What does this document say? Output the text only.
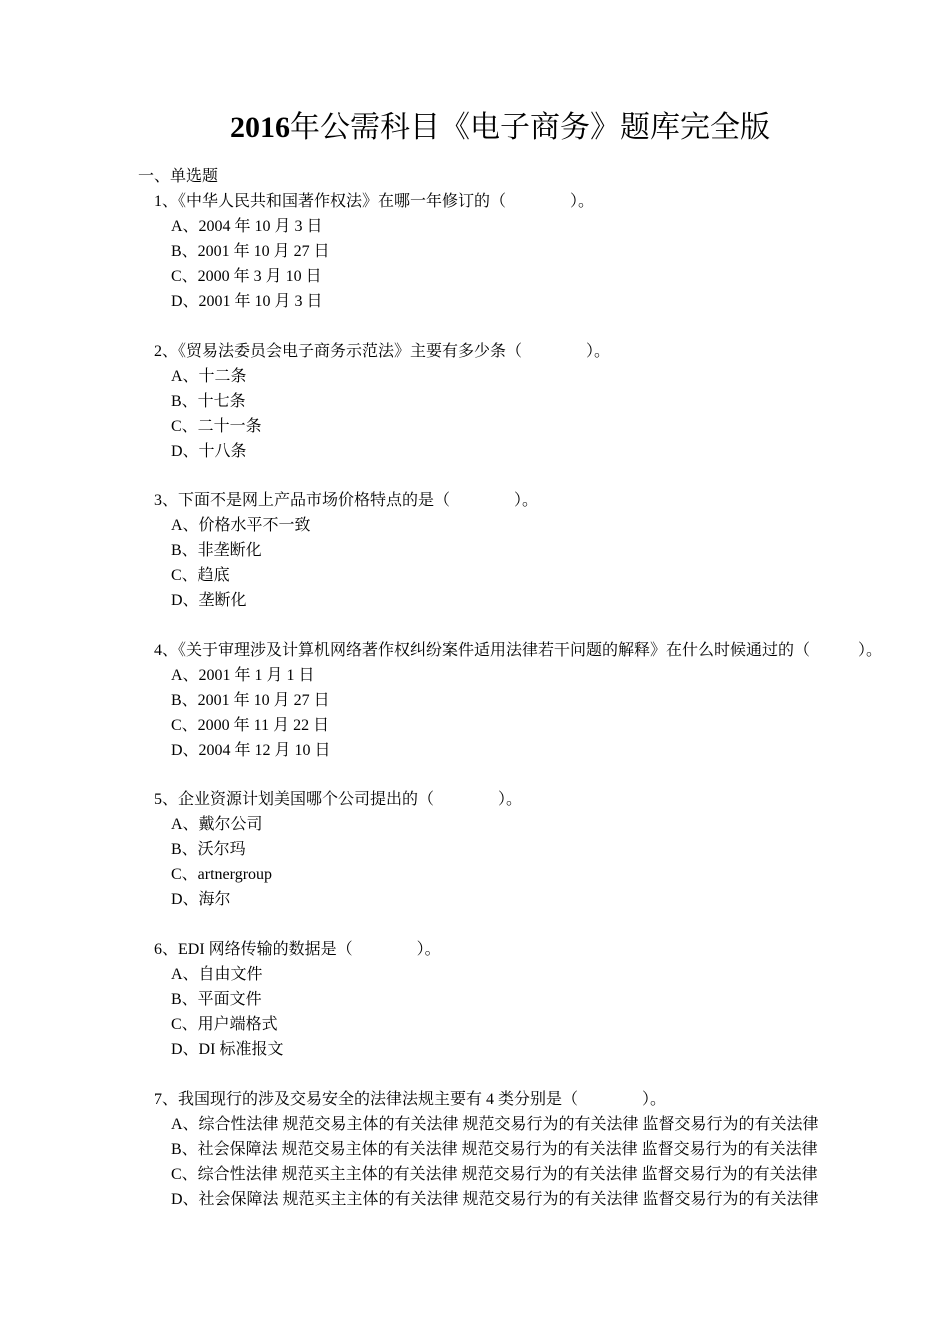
2016年公需科目《电子商务》题库完全版
一、单选题
1、《中华人民共和国著作权法》在哪一年修订的（　　　　）。
A、2004 年 10 月 3 日
B、2001 年 10 月 27 日
C、2000 年 3 月 10 日
D、2001 年 10 月 3 日
2、《贸易法委员会电子商务示范法》主要有多少条（　　　　）。
A、十二条
B、十七条
C、二十一条
D、十八条
3、下面不是网上产品市场价格特点的是（　　　　）。
A、价格水平不一致
B、非垄断化
C、趋底
D、垄断化
4、《关于审理涉及计算机网络著作权纠纷案件适用法律若干问题的解释》在什么时候通过的（　　　）。
A、2001 年 1 月 1 日
B、2001 年 10 月 27 日
C、2000 年 11 月 22 日
D、2004 年 12 月 10 日
5、企业资源计划美国哪个公司提出的（　　　　）。
A、戴尔公司
B、沃尔玛
C、artnergroup
D、海尔
6、EDI 网络传输的数据是（　　　　）。
A、自由文件
B、平面文件
C、用户端格式
D、DI 标准报文
7、我国现行的涉及交易安全的法律法规主要有 4 类分别是（　　　　）。
A、综合性法律 规范交易主体的有关法律 规范交易行为的有关法律 监督交易行为的有关法律
B、社会保障法 规范交易主体的有关法律 规范交易行为的有关法律 监督交易行为的有关法律
C、综合性法律 规范买主主体的有关法律 规范交易行为的有关法律 监督交易行为的有关法律
D、社会保障法 规范买主主体的有关法律 规范交易行为的有关法律 监督交易行为的有关法律
